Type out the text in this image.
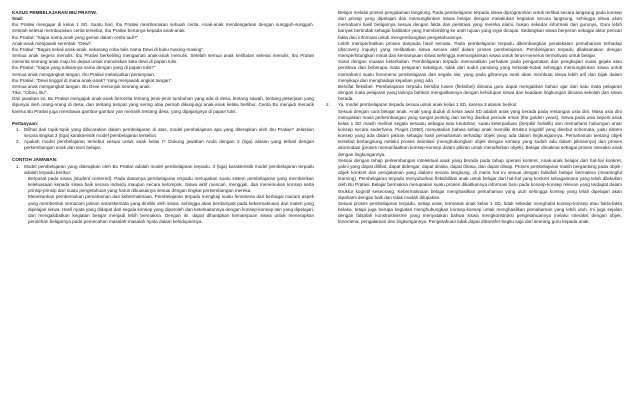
KASUS PEMBELAJARAN IBU PRATIW.

Soal:

Ibu Pratiwi mengajar di kelas 1 SD. Suatu hari, Ibu Pratiwi membacakan sebuah cerita. Anak-anak mendengarkan dengan sungguh-sungguh. Setelah selesai membacakan cerita tersebut, Ibu Pratiwi bertanya kepada anak-anak.

Ibu Pratiwi: "Siapa nama anak yang gemar dalam cerita tadi?"

Anak-anak menjawab serentak: "Dewi".

Ibu Pratiwi: "Bagus sekali anak-anak, sekarang coba tulis nama Dewi di buku masing-masing".

Semua anak segera menulis. Ibu Pratiwi berkeliling mengamati anak-anak menulis. Setelah semua anak kelihatan selesai menulis, Ibu Pratiwi meminta seorang anak maju ke depan untuk menuliskan kata dewi di papan tulis.

Ibu Pratiwi: "Siapa yang tulisannya sama dengan yang di papan tulis?"

Semua anak mengangkat tangan. Ibu Pratiwi melanjutkan pertanyaan.

Ibu Pratiwi: "Dewi tinggal di mana anak-anak? Yang menjawab angkat tangan".

Semua anak mengangkat tangan. Bu Dewi menunjuk seorang anak.

Tika: "Cibiru, Bu".

Dari jawaban ini, Bu Pratiwi mengajak anak-anak bercerita tentang jenis-jenis tumbuhan yang ada di desa, tentang sawah, tentang pekerjaan yang dipunyai oleh orang-orang di desa, dan tentang tempat yang sering atau pernah dikunjungi anak-anak ketika berlibur. Cerita Bu menjadi menarik karena Bu Pratiwi juga membawa gambar-gambar yan menarik tentang desa, yang dipajangnya di papan tulis.

Pertanyaan:

1. Dilihat dari topik-topik yang dibicarakan dalam pembelajaran di atas, model pembelajaran apa yang diterapkan oleh Ibu Pratiwi? Jelaskan secara singkat 3 (tiga) karakteristik model pembelajaran tersebut.
2. Apakah model pembelajaran tersebut sesuai untuk anak kelas I? Dukung jawaban Anda dengan 3 (tiga) alasan yang terkait dengan perkembangan anak dan teori belajar.

CONTOH JAWABAN:

1. Model pembelajaran yang diterapkan oleh Bu Pratiwi adalah model pembelajaran terpadu. 3 (tiga) karakteristik model pembelajaran terpadu adalah terpadu berikut:

Berpusat pada siswa (student centered). Pada dasarnya pembelajaran terpadu merupakan suatu sistem pembelajaran yang memberikan keleluasaan kepada siswa baik secara individu maupun secara kelompok. Siswa aktif mencari, menggali, dan menemukan konsep serta prinsip-prinsip dari suatu pengetahuan yang harus dikuasainya sesuai dengan tingkat perkembangan mereka.

Menekankan pembentukan pemahaman dan kebermaknaan. Pembelajaran terpadu mengkaji suatu fenomena dari berbagai macam aspek yang membentuk semacam jalinan antarskemata yang dimiliki oleh siswa, sehingga akan berdampak pada kebermaknaan dari materi yang dipelajari siswa. Hasil nyata yang didapat dari segala konsep yang diperoleh dan keterkaitannya dengan konsep-konsep lain yang dipelajari, dan mengakibatkan kegiatan belajar menjadi lebih bermakna. Dengan ini, dapat diharapkan kemampuan siswa untuk menerapkan perolehan belajarnya pada pemecahan masalah-masalah nyata dalam kehidupannya.

Belajar melalui proses pengalaman langsung. Pada pembelajaran terpadu siswa diprogramkan untuk terlibat secara langsung pada konsep dan prinsip yang dipelajari dan memungkinkan siswa belajar dengan melakukan kegiatan secara langsung, sehingga siswa akan memahami hasil belajarnya sesuai dengan fakta dan peristiwa yang mereka alami, bukan sekedar informasi dari gurunya. Guru lebih banyak bertindak sebagai fasilitator yang membimbing ke arah tujuan yang ingin dicapai. Sedangkan siswa berperan sebagai aktor pencari fakta dan informasi untuk mengembangkan pengetahuannya.

Lebih memperhatikan proses daripada hasil semata. Pada pembelajaran terpadu dikembangkan pendekatan pemahaman terhadap (discovery inquiry) yang melibatkan siswa secara aktif dalam proses pembelajaran. Pembelajaran terpadu dilaksanakan dengan memperhitungkan minat dan kemampuan siswa sehingga memungkinkan siswa untuk terus-menerus termotivasi untuk belajar.

Sarat dengan muatan keterkaitan. Pembelajaran terpadu memusatkan perhatian pada pengamatan dan pengkajian suatu gejala atau peristiwa dari beberapa mata pelajaran sekaligus, tidak dari sudut pandang yang terkotak-kotak sehingga memungkinkan siswa untuk memahami suatu fenomena pembelajaran dari segala sisi, yang pada gilirannya nanti akan membuat siswa lebih arif dan bijak dalam menyikapi dan menghadapi kejadian yang ada.

Bersifat fleksibel. Pembelajaran terpadu bersifat luwes (fleksibel) dimana guru dapat mengaitkan bahan ajar dari satu mata pelajaran dengan mata pelajaran yang lainnya bahkan mengaitkannya dengan kehidupan siswa dan keadaan lingkungan dimana sekolah dan siswa berada.

2.	Ya, model pembelajaran terpadu sesuai untuk anak kelas 1 SD, karena 3 alasan berikut

Sesuai dengan cara belajar anak. Anak yang duduk di kelas awal SD adalah anak yang berada pada rentangan usia dini. Masa usia dini merupakan masa perkembangan yang sangat penting dan sering disebut periode emas (the golden years). Siswa pada usia seperti anak kelas 1 SD masih melihat segala sesuatu sebagai satu keutuhan, suatu keterpaduan (berpikir holistik) dan memahami hubungan antar konsep secara sederhana. Piaget (1950) menyatakan bahwa setiap anak memiliki struktur kognitif yang disebut schemata, yaitu sistem konsep yang ada dalam pikiran sebagai hasil pemahaman terhadap objek yang ada dalam lingkungannya. Pemahaman tentang objek tersebut berlangsung melalui proses asimilasi (menghubungkan objek dengan konsep yang sudah ada dalam pikirannya) dan proses akomodasi (proses memanfaatkan konsep-konsep dalam pikiran untuk menafsirkan objek). Belajar dimaknai sebagai proses interaksi anak dengan lingkungannya.

Sesuai dengan tahap perkembangan intelektual anak yang berada pada tahap operasi konkret. Anak-anak belajar dari hal-hal konkret, yakni yang dapat dilihat, dapat didengar, dapat diraba, dapat dirasa, dan dapat diisap. Proses pembelajaran masih bergantung pada objek-objek konkret dan pengalaman yang dialami secara langsung, di mana hal ini sesuai dengan falsafah belajar bermakna (meaningful learning). Pembelajaran terpadu menyuburkan fleksibilitas anak untuk belajar dari hal-hal yang konkret sebagaimana yang telah dilakukan oleh Bu Pratiwi. Belajar bermakna merupakan suatu proses dikaitkannya informasi baru pada konsep-konsep relevan yang terdapat dalam struktur kognitif seseorang. Kebermaknaan belajar menghasilkan pemahaman yang utuh sehingga konsep yang telah dipelajari akan dipahami dengan baik dan tidak mudah dilupakan.

Sesuai proses pembelajaran terpadu, setiap anak, termasuk anak kelas 1 SD, tidak sekedar menghafal konsep-konsep atau fakta-fakta belaka, tetapi juga berupa kegiatan menghubungkan konsep-konsep untuk menghasilkan pemahaman yang lebih utuh. Ini juga sejalan dengan falsafah konstruktivisme yang menyatakan bahwa siswa mengkonstruksi pengetahuannya melalui interaksi dengan objek, fenomena, pengalaman dan lingkungannya. Pengetahuan tidak dapat ditransfer begitu saja dari seorang guru kepada anak.
